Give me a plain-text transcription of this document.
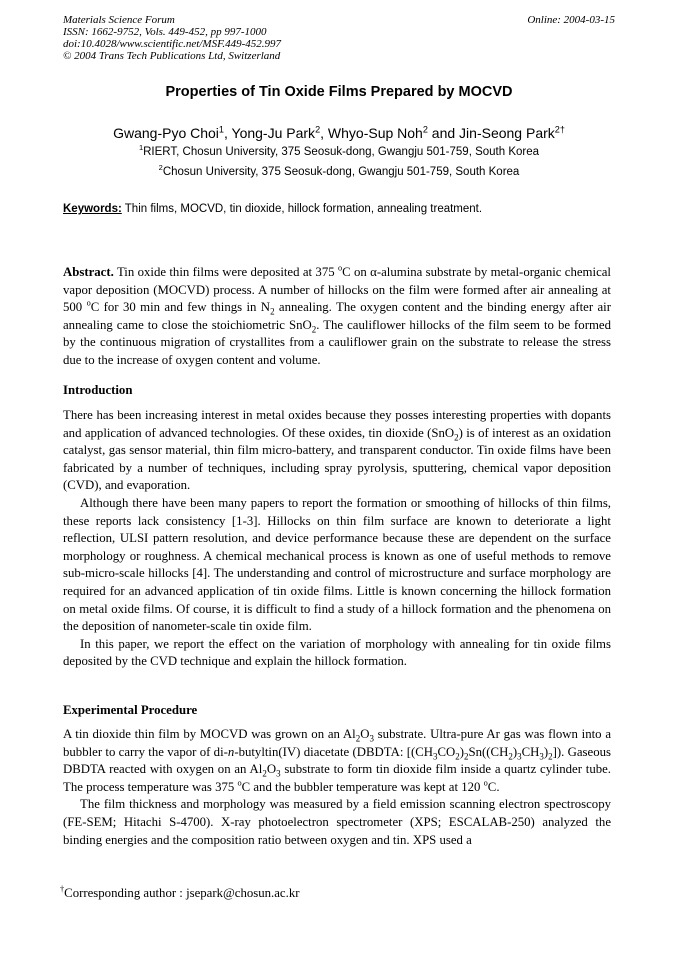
Materials Science Forum
ISSN: 1662-9752, Vols. 449-452, pp 997-1000
doi:10.4028/www.scientific.net/MSF.449-452.997
© 2004 Trans Tech Publications Ltd, Switzerland
Online: 2004-03-15
Properties of Tin Oxide Films Prepared by MOCVD
Gwang-Pyo Choi$^1$, Yong-Ju Park$^2$, Whyo-Sup Noh$^2$ and Jin-Seong Park$^{2\dagger}$
$^1$RIERT, Chosun University, 375 Seosuk-dong, Gwangju 501-759, South Korea
$^2$Chosun University, 375 Seosuk-dong, Gwangju 501-759, South Korea
Keywords: Thin films, MOCVD, tin dioxide, hillock formation, annealing treatment.

Abstract. Tin oxide thin films were deposited at 375 $^o$C on α-alumina substrate by metal-organic chemical vapor deposition (MOCVD) process. A number of hillocks on the film were formed after air annealing at 500 $^o$C for 30 min and few things in $N_2$ annealing. The oxygen content and the binding energy after air annealing came to close the stoichiometric SnO$_2$. The cauliflower hillocks of the film seem to be formed by the continuous migration of crystallites from a cauliflower grain on the substrate to release the stress due to the increase of oxygen content and volume.

Introduction

There has been increasing interest in metal oxides because they posses interesting properties with dopants and application of advanced technologies. Of these oxides, tin dioxide (SnO$_2$) is of interest as an oxidation catalyst, gas sensor material, thin film micro-battery, and transparent conductor. Tin oxide films have been fabricated by a number of techniques, including spray pyrolysis, sputtering, chemical vapor deposition (CVD), and evaporation.

Although there have been many papers to report the formation or smoothing of hillocks of thin films, these reports lack consistency [1-3]. Hillocks on thin film surface are known to deteriorate a light reflection, ULSI pattern resolution, and device performance because these are dependent on the surface morphology or roughness. A chemical mechanical process is known as one of useful methods to remove sub-micro-scale hillocks [4]. The understanding and control of microstructure and surface morphology are required for an advanced application of tin oxide films. Little is known concerning the hillock formation on metal oxide films. Of course, it is difficult to find a study of a hillock formation and the phenomena on the deposition of nanometer-scale tin oxide film.

In this paper, we report the effect on the variation of morphology with annealing for tin oxide films deposited by the CVD technique and explain the hillock formation.

Experimental Procedure

A tin dioxide thin film by MOCVD was grown on an $Al_2O_3$ substrate. Ultra-pure Ar gas was flown into a bubbler to carry the vapor of di-n-butyltin(IV) diacetate (DBDTA: $[(CH_3CO_2)_2Sn((CH_2)_3CH_3)_2]$). Gaseous DBDTA reacted with oxygen on an $Al_2O_3$ substrate to form tin dioxide film inside a quartz cylinder tube. The process temperature was 375 $^o$C and the bubbler temperature was kept at 120 $^o$C.

The film thickness and morphology was measured by a field emission scanning electron spectroscopy (FE-SEM; Hitachi S-4700). X-ray photoelectron spectrometer (XPS; ESCALAB-250) analyzed the binding energies and the composition ratio between oxygen and tin. XPS used a

†Corresponding author : jsepark@chosun.ac.kr
